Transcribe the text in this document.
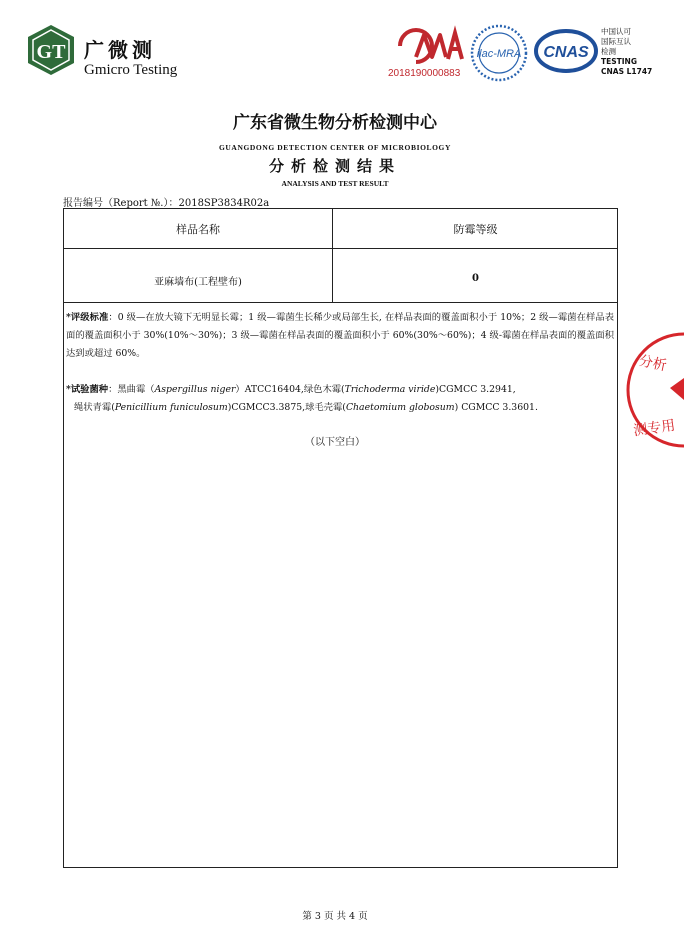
GT 广微测
Gmicro Testing	2018190000883
ilac-MRA CNAS
中国认可
国际互认
检测
TESTING
CNAS L1747
分析
测专用
广东省微生物分析检测中心
GUANGDONG DETECTION CENTER OF MICROBIOLOGY
分析检测结果
ANALYSIS AND TEST RESULT
报告编号（Report №.）：2018SP3834R02a
样品名称	防霉等级
亚麻墙布(工程壁布)	0
*评级标准：0 级—在放大镜下无明显长霉；1 级—霉菌生长稀少或局部生长, 在样品表面的覆盖面积小于 10%；2 级—霉菌在样品表面的覆盖面积小于 30%(10%～30%)；3 级—霉菌在样品表面的覆盖面积小于 60%(30%～60%)；4 级-霉菌在样品表面的覆盖面积达到或超过 60%。
*试验菌种：黑曲霉（Aspergillus niger）ATCC16404,绿色木霉(Trichoderma viride)CGMCC 3.2941,
绳状青霉(Penicillium funiculosum)CGMCC3.3875,球毛壳霉(Chaetomium globosum) CGMCC 3.3601.
（以下空白）
第 3 页 共 4 页
